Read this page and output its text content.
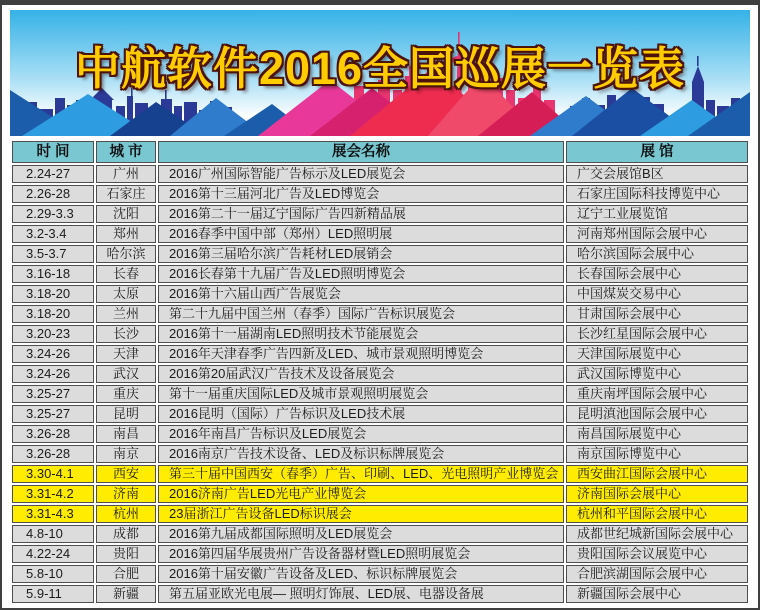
中航软件2016全国巡展一览表
时 间	城 市	展会名称	展 馆
2.24-27	广州	2016广州国际智能广告标示及LED展览会	广交会展馆B区
2.26-28	石家庄	2016第十三届河北广告及LED博览会	石家庄国际科技博览中心
2.29-3.3	沈阳	2016第二十一届辽宁国际广告四新精品展	辽宁工业展览馆
3.2-3.4	郑州	2016春季中国中部（郑州）LED照明展	河南郑州国际会展中心
3.5-3.7	哈尔滨	2016第三届哈尔滨广告耗材LED展销会	哈尔滨国际会展中心
3.16-18	长春	2016长春第十九届广告及LED照明博览会	长春国际会展中心
3.18-20	太原	2016第十六届山西广告展览会	中国煤炭交易中心
3.18-20	兰州	第二十九届中国兰州（春季）国际广告标识展览会	甘肃国际会展中心
3.20-23	长沙	2016第十一届湖南LED照明技术节能展览会	长沙红星国际会展中心
3.24-26	天津	2016年天津春季广告四新及LED、城市景观照明博览会	天津国际展览中心
3.24-26	武汉	2016第20届武汉广告技术及设备展览会	武汉国际博览中心
3.25-27	重庆	第十一届重庆国际LED及城市景观照明展览会	重庆南坪国际会展中心
3.25-27	昆明	2016昆明（国际）广告标识及LED技术展	昆明滇池国际会展中心
3.26-28	南昌	2016年南昌广告标识及LED展览会	南昌国际展览中心
3.26-28	南京	2016南京广告技术设备、LED及标识标牌展览会	南京国际博览中心
3.30-4.1	西安	第三十届中国西安（春季）广告、印刷、LED、光电照明产业博览会	西安曲江国际会展中心
3.31-4.2	济南	2016济南广告LED光电产业博览会	济南国际会展中心
3.31-4.3	杭州	23届浙江广告设备LED标识展会	杭州和平国际会展中心
4.8-10	成都	2016第九届成都国际照明及LED展览会	成都世纪城新国际会展中心
4.22-24	贵阳	2016第四届华展贵州广告设备器材暨LED照明展览会	贵阳国际会议展览中心
5.8-10	合肥	2016第十届安徽广告设备及LED、标识标牌展览会	合肥滨湖国际会展中心
5.9-11	新疆	第五届亚欧光电展— 照明灯饰展、LED展、电器设备展	新疆国际会展中心
